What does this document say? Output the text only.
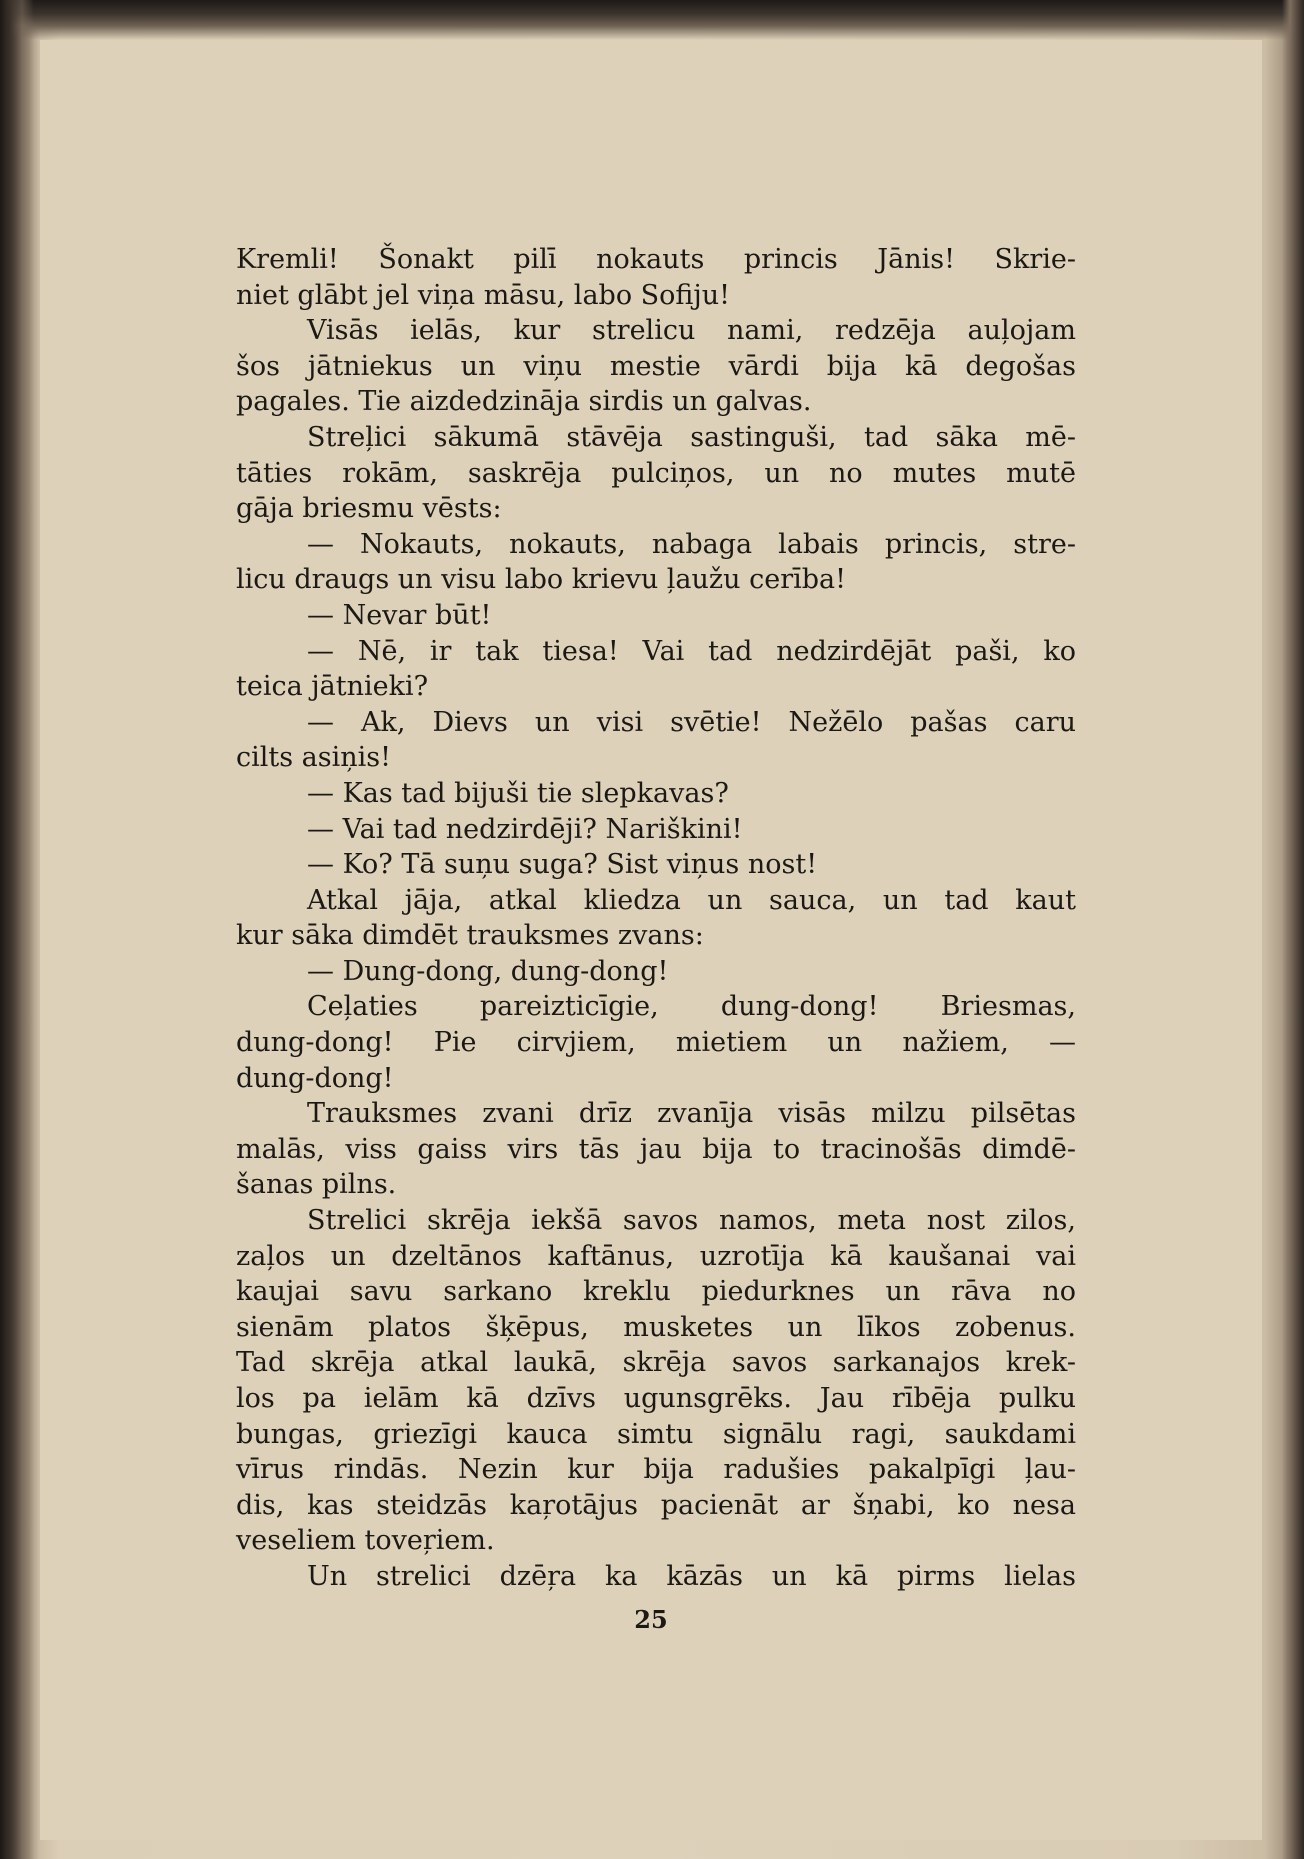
Kremli! Šonakt pilī nokauts princis Jānis! Skrie-
niet glābt jel viņa māsu, labo Sofiju!
Visās ielās, kur strelicu nami, redzēja auļojam
šos jātniekus un viņu mestie vārdi bija kā degošas
pagales. Tie aizdedzināja sirdis un galvas.
Streļici sākumā stāvēja sastinguši, tad sāka mē-
tāties rokām, saskrēja pulciņos, un no mutes mutē
gāja briesmu vēsts:
— Nokauts, nokauts, nabaga labais princis, stre-
licu draugs un visu labo krievu ļaužu cerība!
— Nevar būt!
— Nē, ir tak tiesa! Vai tad nedzirdējāt paši, ko
teica jātnieki?
— Ak, Dievs un visi svētie! Nežēlo pašas caru
cilts asiņis!
— Kas tad bijuši tie slepkavas?
— Vai tad nedzirdēji? Nariškini!
— Ko? Tā suņu suga? Sist viņus nost!
Atkal jāja, atkal kliedza un sauca, un tad kaut
kur sāka dimdēt trauksmes zvans:
— Dung-dong, dung-dong!
Ceļaties pareizticīgie, dung-dong! Briesmas,
dung-dong! Pie cirvjiem, mietiem un nažiem, —
dung-dong!
Trauksmes zvani drīz zvanīja visās milzu pilsētas
malās, viss gaiss virs tās jau bija to tracinošās dimdē-
šanas pilns.
Strelici skrēja iekšā savos namos, meta nost zilos,
zaļos un dzeltānos kaftānus, uzrotīja kā kaušanai vai
kaujai savu sarkano kreklu piedurknes un rāva no
sienām platos šķēpus, musketes un līkos zobenus.
Tad skrēja atkal laukā, skrēja savos sarkanajos krek-
los pa ielām kā dzīvs ugunsgrēks. Jau rībēja pulku
bungas, griezīgi kauca simtu signālu ragi, saukdami
vīrus rindās. Nezin kur bija radušies pakalpīgi ļau-
dis, kas steidzās kaŗotājus pacienāt ar šņabi, ko nesa
veseliem toveŗiem.
Un strelici dzēŗa ka kāzās un kā pirms lielas
25
